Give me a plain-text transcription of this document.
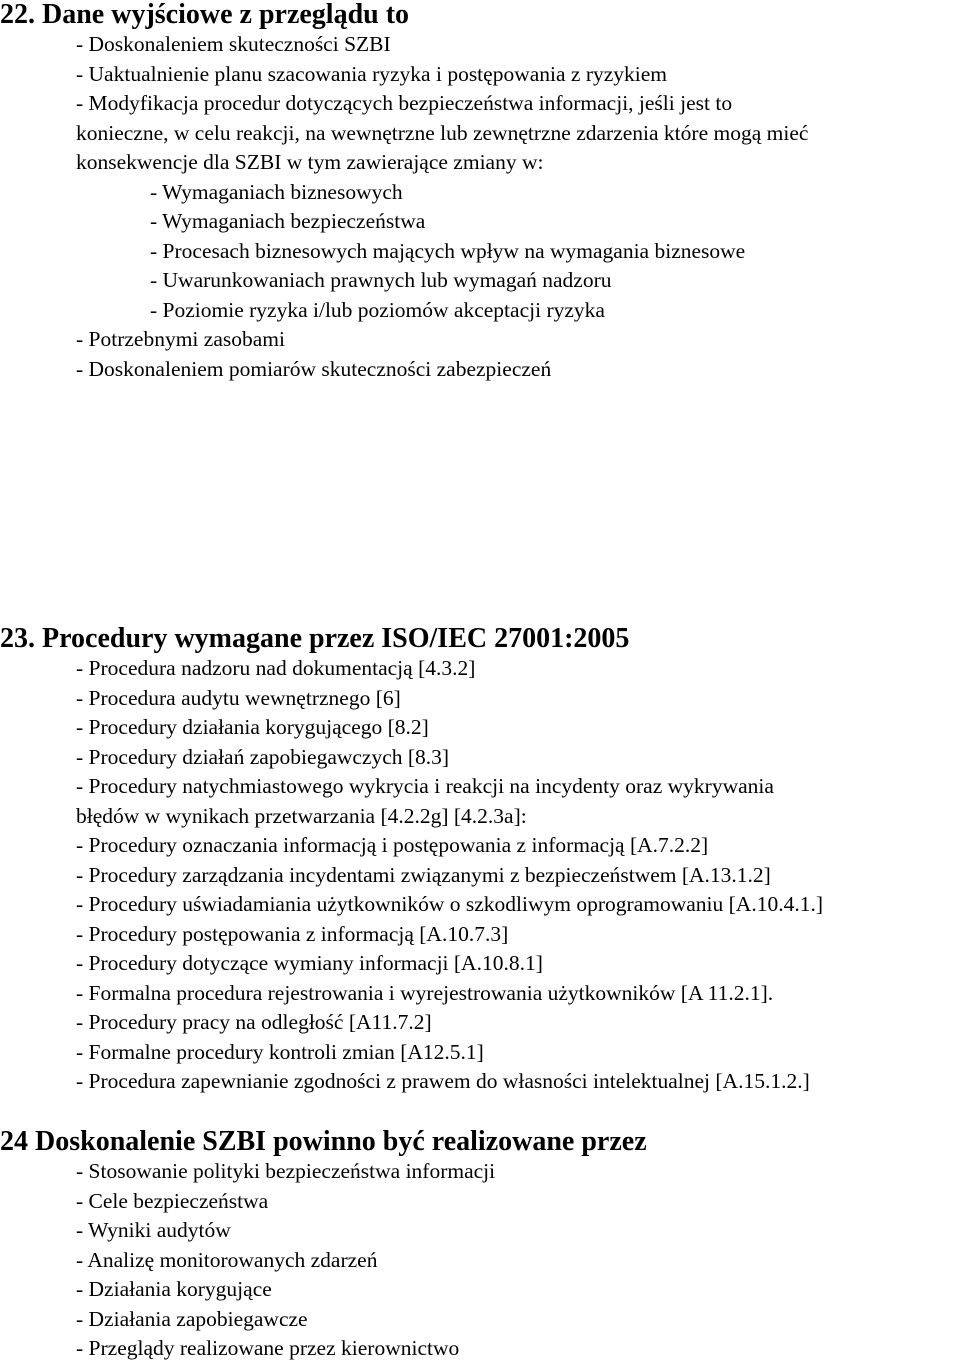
22. Dane wyjściowe z przeglądu to
- Doskonaleniem skuteczności SZBI
- Uaktualnienie planu szacowania ryzyka i postępowania z ryzykiem
- Modyfikacja procedur dotyczących bezpieczeństwa informacji, jeśli jest to
konieczne, w celu reakcji, na wewnętrzne lub zewnętrzne zdarzenia które mogą mieć
konsekwencje dla SZBI w tym zawierające zmiany w:
- Wymaganiach biznesowych
- Wymaganiach bezpieczeństwa
- Procesach biznesowych mających wpływ na wymagania biznesowe
- Uwarunkowaniach prawnych lub wymagań nadzoru
- Poziomie ryzyka i/lub poziomów akceptacji ryzyka
- Potrzebnymi zasobami
- Doskonaleniem pomiarów skuteczności zabezpieczeń
23. Procedury wymagane przez ISO/IEC 27001:2005
- Procedura nadzoru nad dokumentacją [4.3.2]
- Procedura audytu wewnętrznego [6]
- Procedury działania korygującego [8.2]
- Procedury działań zapobiegawczych [8.3]
- Procedury natychmiastowego wykrycia i reakcji na incydenty oraz wykrywania
błędów w wynikach przetwarzania [4.2.2g] [4.2.3a]:
- Procedury oznaczania informacją i postępowania z informacją [A.7.2.2]
- Procedury zarządzania incydentami związanymi z bezpieczeństwem [A.13.1.2]
- Procedury uświadamiania użytkowników o szkodliwym oprogramowaniu [A.10.4.1.]
- Procedury postępowania z informacją [A.10.7.3]
- Procedury dotyczące wymiany informacji [A.10.8.1]
- Formalna procedura rejestrowania i wyrejestrowania użytkowników [A 11.2.1].
- Procedury pracy na odległość [A11.7.2]
- Formalne procedury kontroli zmian [A12.5.1]
- Procedura zapewnianie zgodności z prawem do własności intelektualnej [A.15.1.2.]
24 Doskonalenie SZBI powinno być realizowane przez
- Stosowanie polityki bezpieczeństwa informacji
- Cele bezpieczeństwa
- Wyniki audytów
- Analizę monitorowanych zdarzeń
- Działania korygujące
- Działania zapobiegawcze
- Przeglądy realizowane przez kierownictwo
